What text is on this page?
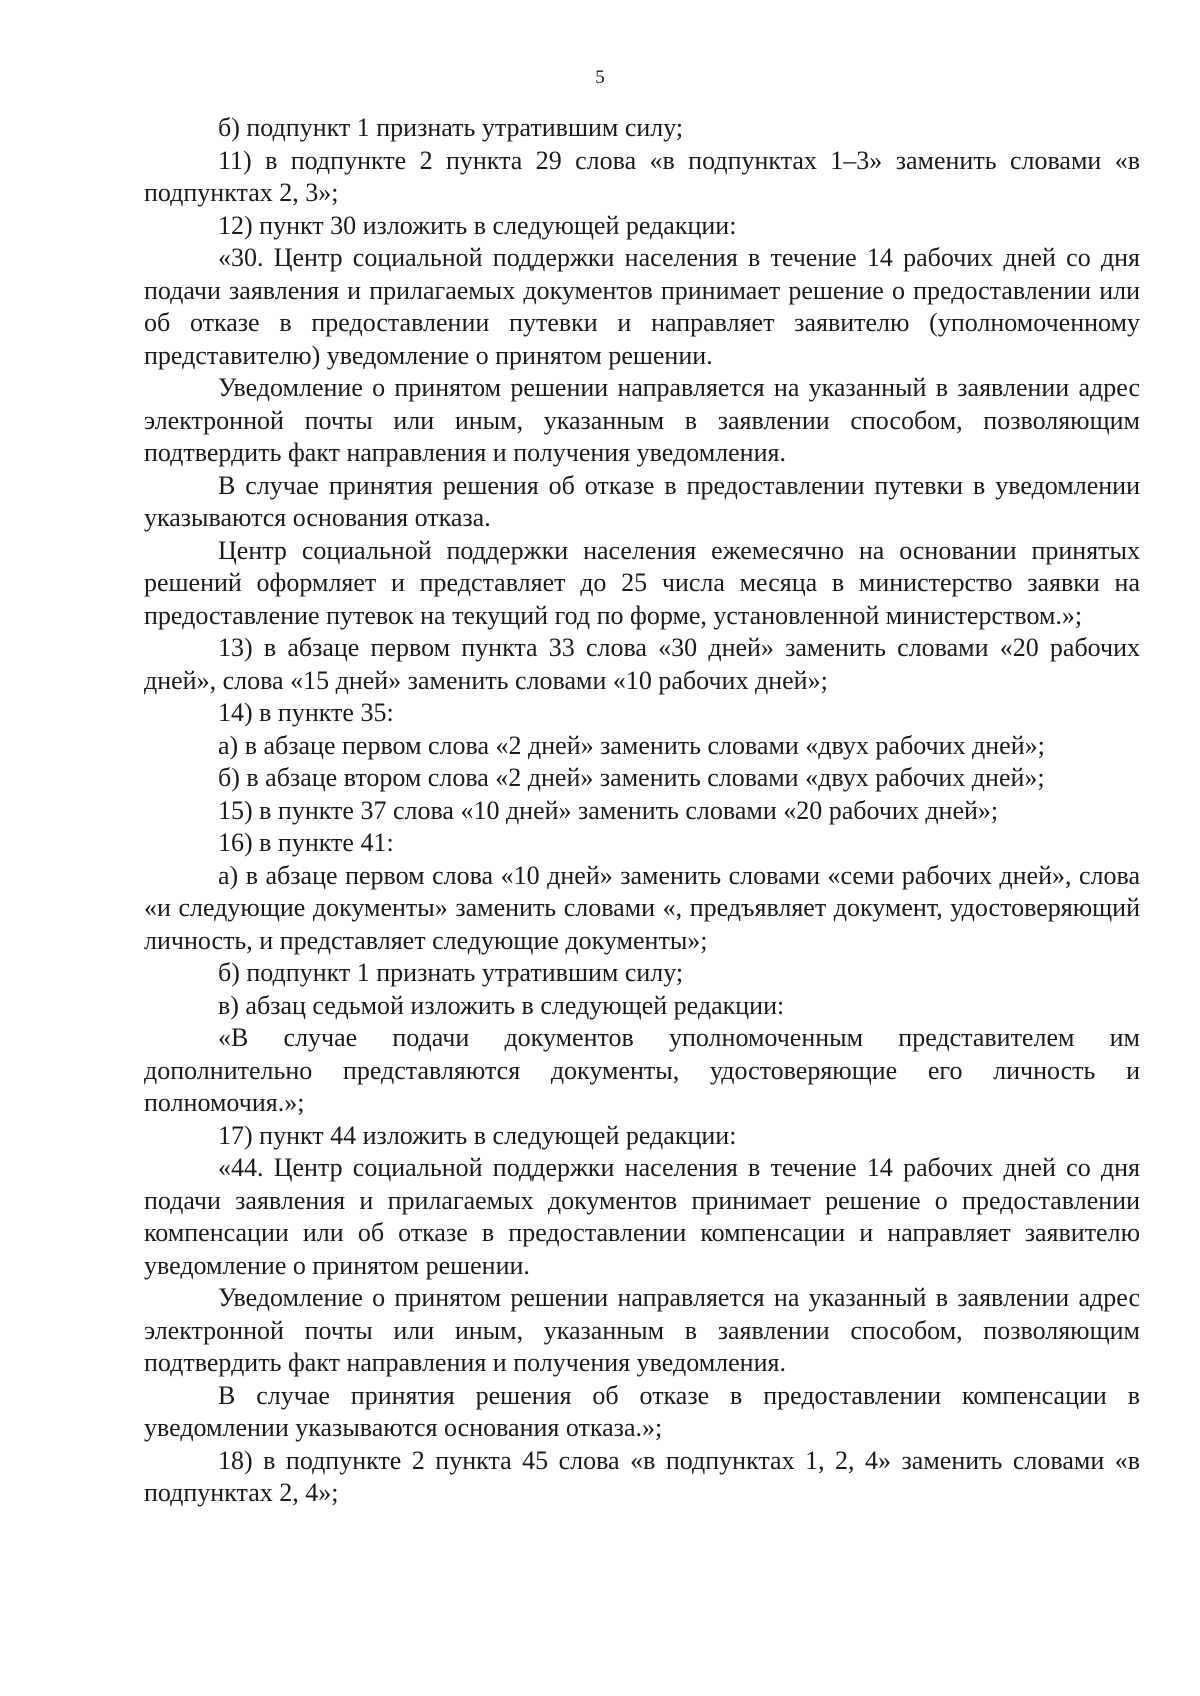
5

б) подпункт 1 признать утратившим силу;

11) в подпункте 2 пункта 29 слова «в подпунктах 1–3» заменить словами «в подпунктах 2, 3»;

12) пункт 30 изложить в следующей редакции:

«30. Центр социальной поддержки населения в течение 14 рабочих дней со дня подачи заявления и прилагаемых документов принимает решение о предоставлении или об отказе в предоставлении путевки и направляет заявителю (уполномоченному представителю) уведомление о принятом решении.

Уведомление о принятом решении направляется на указанный в заявлении адрес электронной почты или иным, указанным в заявлении способом, позволяющим подтвердить факт направления и получения уведомления.

В случае принятия решения об отказе в предоставлении путевки в уведомлении указываются основания отказа.

Центр социальной поддержки населения ежемесячно на основании принятых решений оформляет и представляет до 25 числа месяца в министерство заявки на предоставление путевок на текущий год по форме, установленной министерством.»;

13) в абзаце первом пункта 33 слова «30 дней» заменить словами «20 рабочих дней», слова «15 дней» заменить словами «10 рабочих дней»;

14) в пункте 35:

а) в абзаце первом слова «2 дней» заменить словами «двух рабочих дней»;

б) в абзаце втором слова «2 дней» заменить словами «двух рабочих дней»;

15) в пункте 37 слова «10 дней» заменить словами «20 рабочих дней»;

16) в пункте 41:

а) в абзаце первом слова «10 дней» заменить словами «семи рабочих дней», слова «и следующие документы» заменить словами «, предъявляет документ, удостоверяющий личность, и представляет следующие документы»;

б) подпункт 1 признать утратившим силу;

в) абзац седьмой изложить в следующей редакции:

«В случае подачи документов уполномоченным представителем им дополнительно представляются документы, удостоверяющие его личность и полномочия.»;

17) пункт 44 изложить в следующей редакции:

«44. Центр социальной поддержки населения в течение 14 рабочих дней со дня подачи заявления и прилагаемых документов принимает решение о предоставлении компенсации или об отказе в предоставлении компенсации и направляет заявителю уведомление о принятом решении.

Уведомление о принятом решении направляется на указанный в заявлении адрес электронной почты или иным, указанным в заявлении способом, позволяющим подтвердить факт направления и получения уведомления.

В случае принятия решения об отказе в предоставлении компенсации в уведомлении указываются основания отказа.»;

18) в подпункте 2 пункта 45 слова «в подпунктах 1, 2, 4» заменить словами «в подпунктах 2, 4»;
